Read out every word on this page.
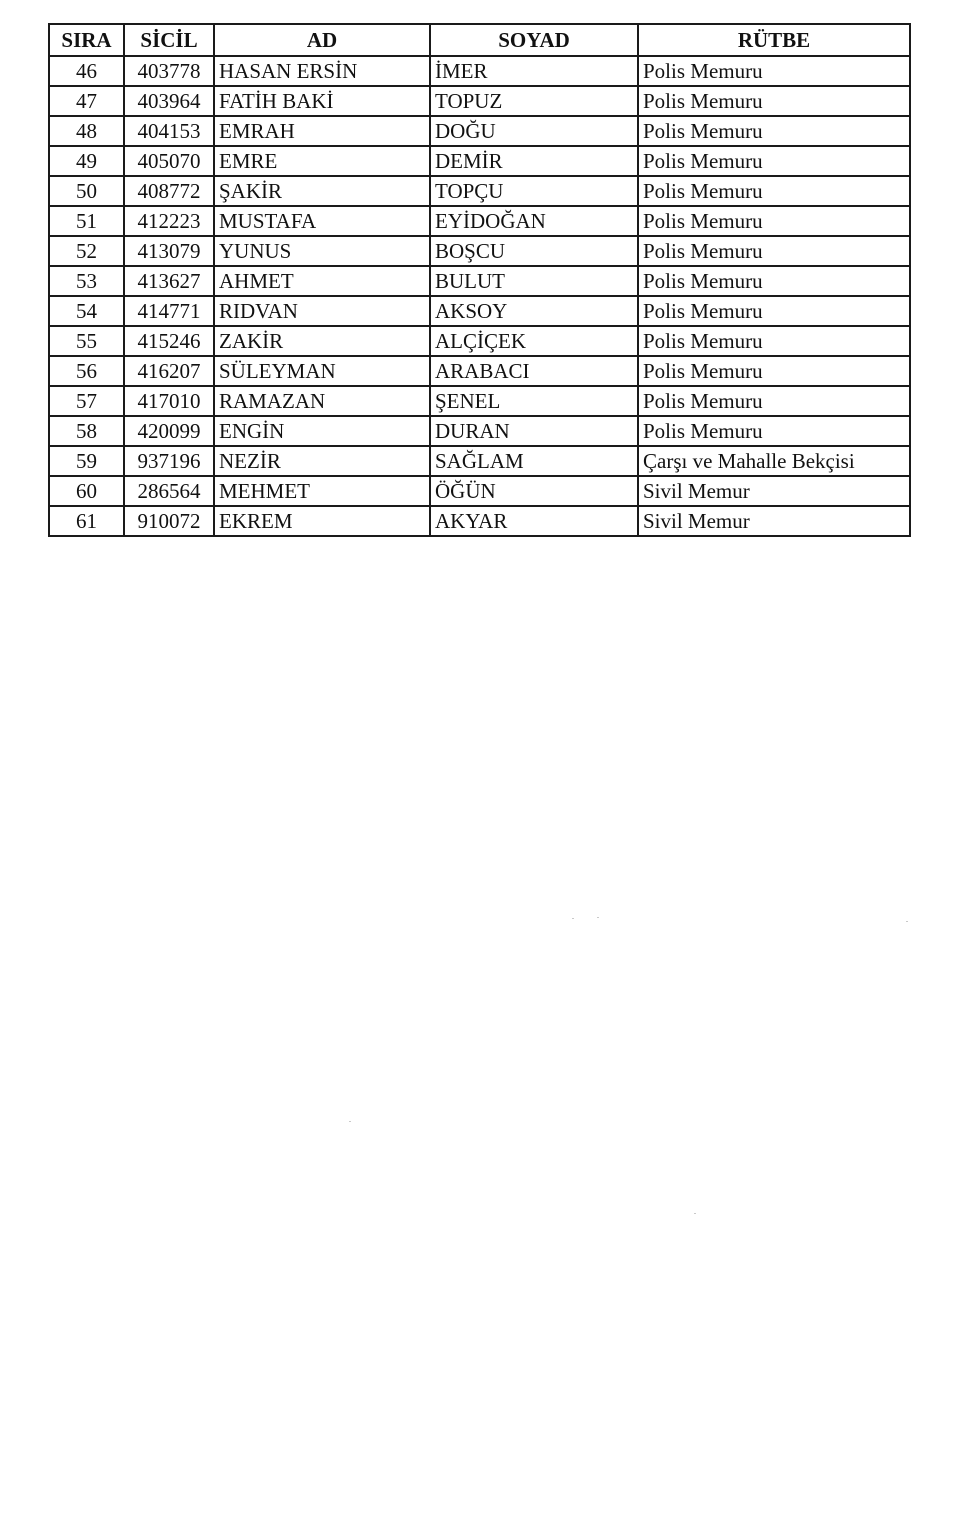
SIRA	SİCİL	AD	SOYAD	RÜTBE
46	403778	HASAN ERSİN	İMER	Polis Memuru
47	403964	FATİH BAKİ	TOPUZ	Polis Memuru
48	404153	EMRAH	DOĞU	Polis Memuru
49	405070	EMRE	DEMİR	Polis Memuru
50	408772	ŞAKİR	TOPÇU	Polis Memuru
51	412223	MUSTAFA	EYİDOĞAN	Polis Memuru
52	413079	YUNUS	BOŞCU	Polis Memuru
53	413627	AHMET	BULUT	Polis Memuru
54	414771	RIDVAN	AKSOY	Polis Memuru
55	415246	ZAKİR	ALÇİÇEK	Polis Memuru
56	416207	SÜLEYMAN	ARABACI	Polis Memuru
57	417010	RAMAZAN	ŞENEL	Polis Memuru
58	420099	ENGİN	DURAN	Polis Memuru
59	937196	NEZİR	SAĞLAM	Çarşı ve Mahalle Bekçisi
60	286564	MEHMET	ÖĞÜN	Sivil Memur
61	910072	EKREM	AKYAR	Sivil Memur
